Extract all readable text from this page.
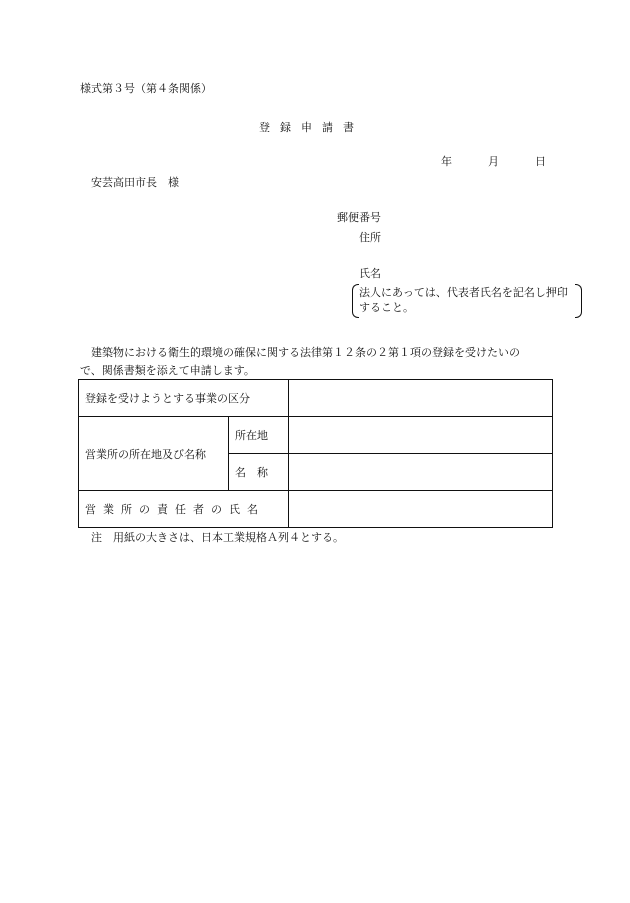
様式第３号（第４条関係）
登録申請書
年	月	日
安芸高田市長　様
郵便番号
住所
氏名
法人にあっては、代表者氏名を記名し押印
すること。
建築物における衛生的環境の確保に関する法律第１２条の２第１項の登録を受けたいの
で、関係書類を添えて申請します。
登録を受けようとする事業の区分		
営業所の所在地及び名称	所在地	
	名　称	
営業所の責任者の氏名		
注　用紙の大きさは、日本工業規格Ａ列４とする。
